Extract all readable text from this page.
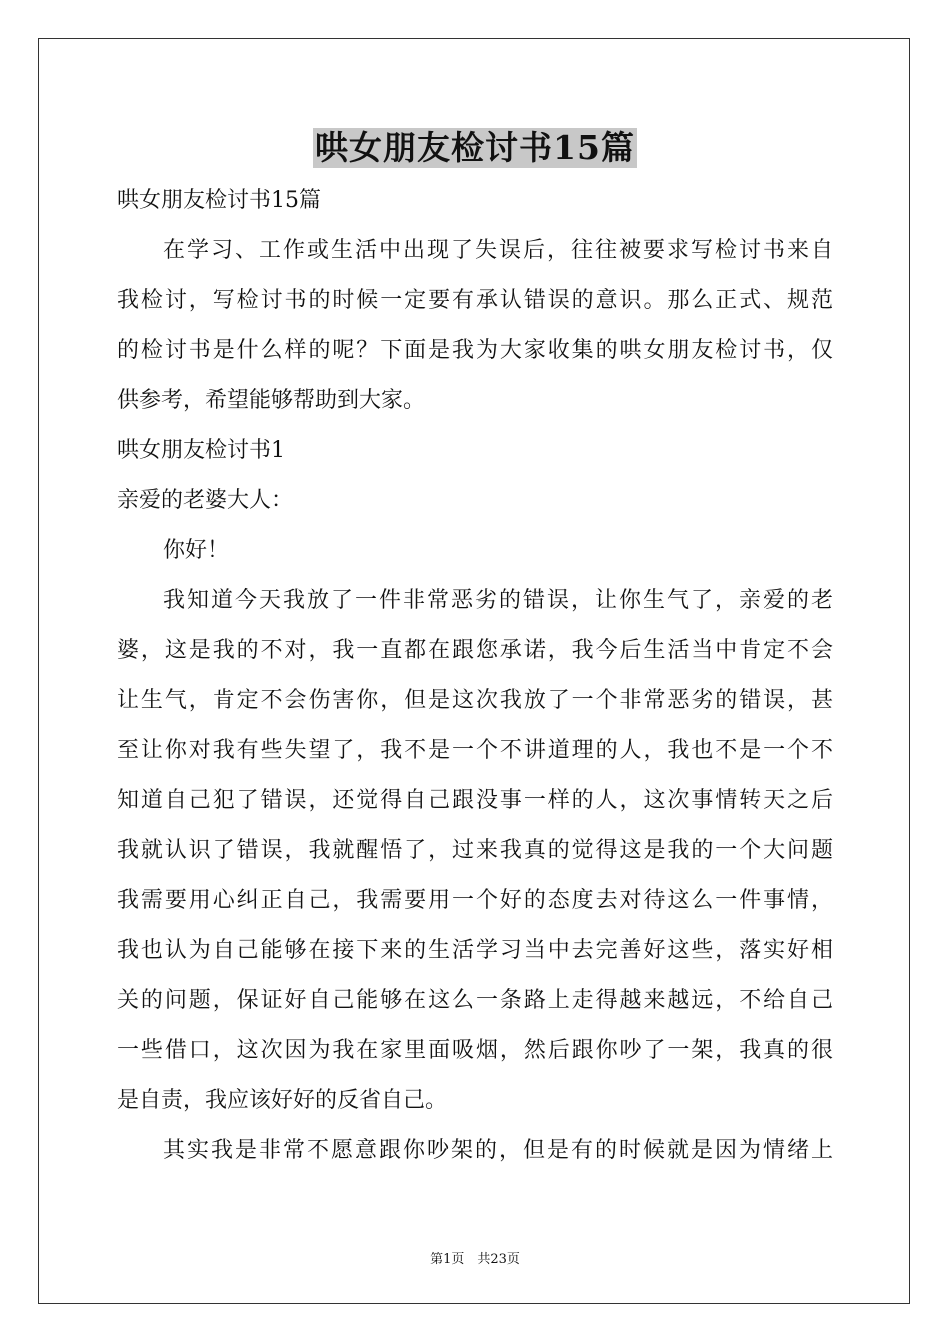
哄女朋友检讨书15篇
哄女朋友检讨书15篇
在学习、工作或生活中出现了失误后，往往被要求写检讨书来自
我检讨，写检讨书的时候一定要有承认错误的意识。那么正式、规范
的检讨书是什么样的呢？下面是我为大家收集的哄女朋友检讨书，仅
供参考，希望能够帮助到大家。
哄女朋友检讨书1
亲爱的老婆大人：
你好！
我知道今天我放了一件非常恶劣的错误，让你生气了，亲爱的老
婆，这是我的不对，我一直都在跟您承诺，我今后生活当中肯定不会
让生气，肯定不会伤害你，但是这次我放了一个非常恶劣的错误，甚
至让你对我有些失望了，我不是一个不讲道理的人，我也不是一个不
知道自己犯了错误，还觉得自己跟没事一样的人，这次事情转天之后
我就认识了错误，我就醒悟了，过来我真的觉得这是我的一个大问题
我需要用心纠正自己，我需要用一个好的态度去对待这么一件事情，
我也认为自己能够在接下来的生活学习当中去完善好这些，落实好相
关的问题，保证好自己能够在这么一条路上走得越来越远，不给自己
一些借口，这次因为我在家里面吸烟，然后跟你吵了一架，我真的很
是自责，我应该好好的反省自己。
其实我是非常不愿意跟你吵架的，但是有的时候就是因为情绪上
第1页　共23页
